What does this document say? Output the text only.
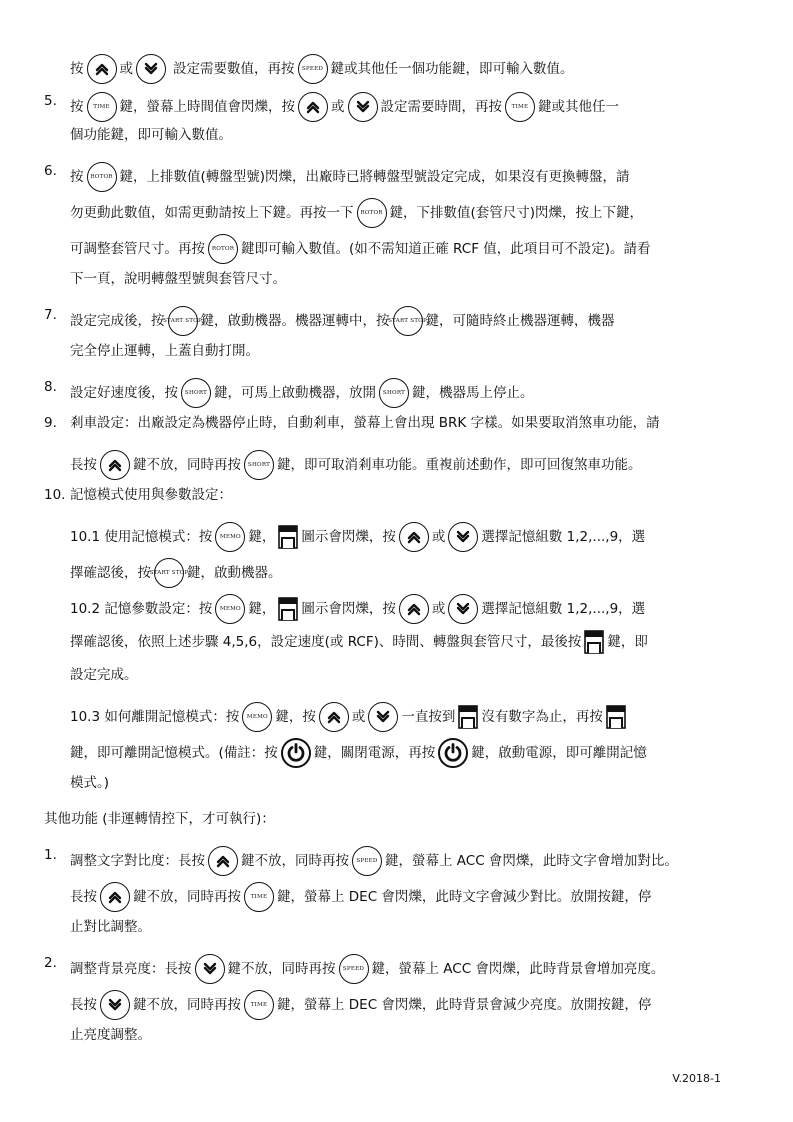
按	或	設定需要數值，再按 SPEED 鍵或其他任一個功能鍵，即可輸入數值。
5. 按 TIME 鍵，螢幕上時間值會閃爍，按	或	設定需要時間，再按 TIME 鍵或其他任一
個功能鍵，即可輸入數值。
6. 按 ROTOR 鍵，上排數值(轉盤型號)閃爍，出廠時已將轉盤型號設定完成，如果沒有更換轉盤，請
勿更動此數值，如需更動請按上下鍵。再按一下 ROTOR 鍵，下排數值(套管尺寸)閃爍，按上下鍵，
可調整套管尺寸。再按 ROTOR 鍵即可輸入數值。(如不需知道正確 RCF 值，此項目可不設定)。請看
下一頁，說明轉盤型號與套管尺寸。
7. 設定完成後，按
START STOP
鍵，啟動機器。機器運轉中，按
START STOP
鍵，可隨時終止機器運轉，機器
完全停止運轉，上蓋自動打開。
8. 設定好速度後，按 SHORT 鍵，可馬上啟動機器，放開 SHORT 鍵，機器馬上停止。
9. 剎車設定：出廠設定為機器停止時，自動剎車，螢幕上會出現 BRK 字樣。如果要取消煞車功能，請
長按	鍵不放，同時再按 SHORT 鍵，即可取消剎車功能。重複前述動作，即可回復煞車功能。
10. 記憶模式使用與參數設定：
10.1 使用記憶模式：按 MEMO 鍵， 圖示會閃爍，按	或	選擇記憶組數 1,2,...,9，選
擇確認後，按
START STOP
鍵，啟動機器。
10.2 記憶參數設定：按 MEMO 鍵， 圖示會閃爍，按	或	選擇記憶組數 1,2,...,9，選
擇確認後，依照上述步驟 4,5,6，設定速度(或 RCF)、時間、轉盤與套管尺寸，最後按 鍵，即
設定完成。
10.3 如何離開記憶模式：按 MEMO 鍵，按	或	一直按到 沒有數字為止，再按
鍵，即可離開記憶模式。(備註：按	鍵，關閉電源，再按	鍵，啟動電源，即可離開記憶
模式。)
其他功能 (非運轉情控下，才可執行)：
1. 調整文字對比度：長按	鍵不放，同時再按 SPEED 鍵，螢幕上 ACC 會閃爍，此時文字會增加對比。
長按	鍵不放，同時再按 TIME 鍵，螢幕上 DEC 會閃爍，此時文字會減少對比。放開按鍵，停
止對比調整。
2. 調整背景亮度：長按	鍵不放，同時再按 SPEED 鍵，螢幕上 ACC 會閃爍，此時背景會增加亮度。
長按	鍵不放，同時再按 TIME 鍵，螢幕上 DEC 會閃爍，此時背景會減少亮度。放開按鍵，停
止亮度調整。
V.2018-1
